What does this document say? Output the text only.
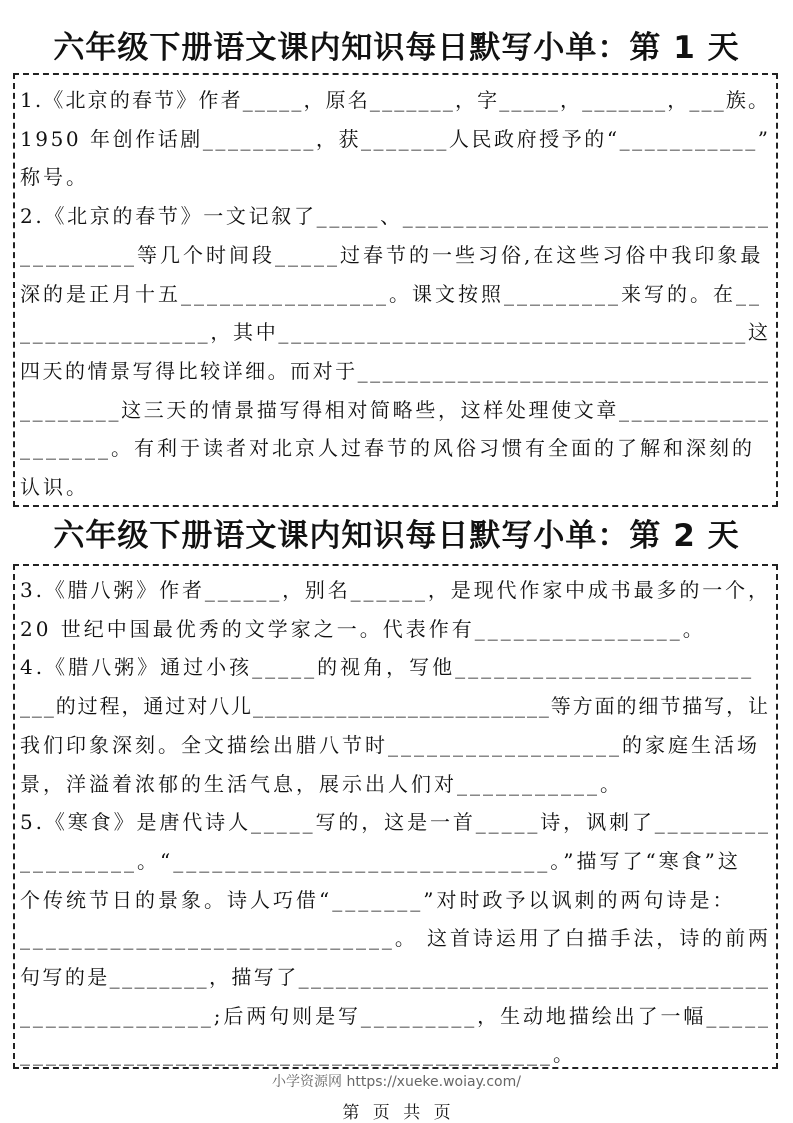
六年级下册语文课内知识每日默写小单：第 1 天
1.《北京的春节》作者_____，原名_______，字_____，_______，___族。
1950 年创作话剧_________，获_______人民政府授予的“___________”
称号。
2.《北京的春节》一文记叙了_____、_____________________________
_________等几个时间段_____过春节的一些习俗,在这些习俗中我印象最
深的是正月十五________________。课文按照_________来写的。在__
_______________，其中_____________________________________这
四天的情景写得比较详细。而对于_________________________________
________这三天的情景描写得相对简略些，这样处理使文章____________
_______。有利于读者对北京人过春节的风俗习惯有全面的了解和深刻的
认识。
六年级下册语文课内知识每日默写小单：第 2 天
3.《腊八粥》作者______，别名______，是现代作家中成书最多的一个，
20 世纪中国最优秀的文学家之一。代表作有________________。
4.《腊八粥》通过小孩_____的视角，写他_______________________
___的过程，通过对八儿_________________________等方面的细节描写，让
我们印象深刻。全文描绘出腊八节时__________________的家庭生活场
景，洋溢着浓郁的生活气息，展示出人们对___________。
5.《寒食》是唐代诗人_____写的，这是一首_____诗，讽刺了_________
_________。“_____________________________。”描写了“寒食”这
个传统节日的景象。诗人巧借“_______”对时政予以讽刺的两句诗是：
_____________________________。 这首诗运用了白描手法，诗的前两
句写的是________，描写了______________________________________
_______________;后两句则是写_________，生动地描绘出了一幅_____
_________________________________________。
小学资源网 https://xueke.woiay.com/
第 页 共 页
